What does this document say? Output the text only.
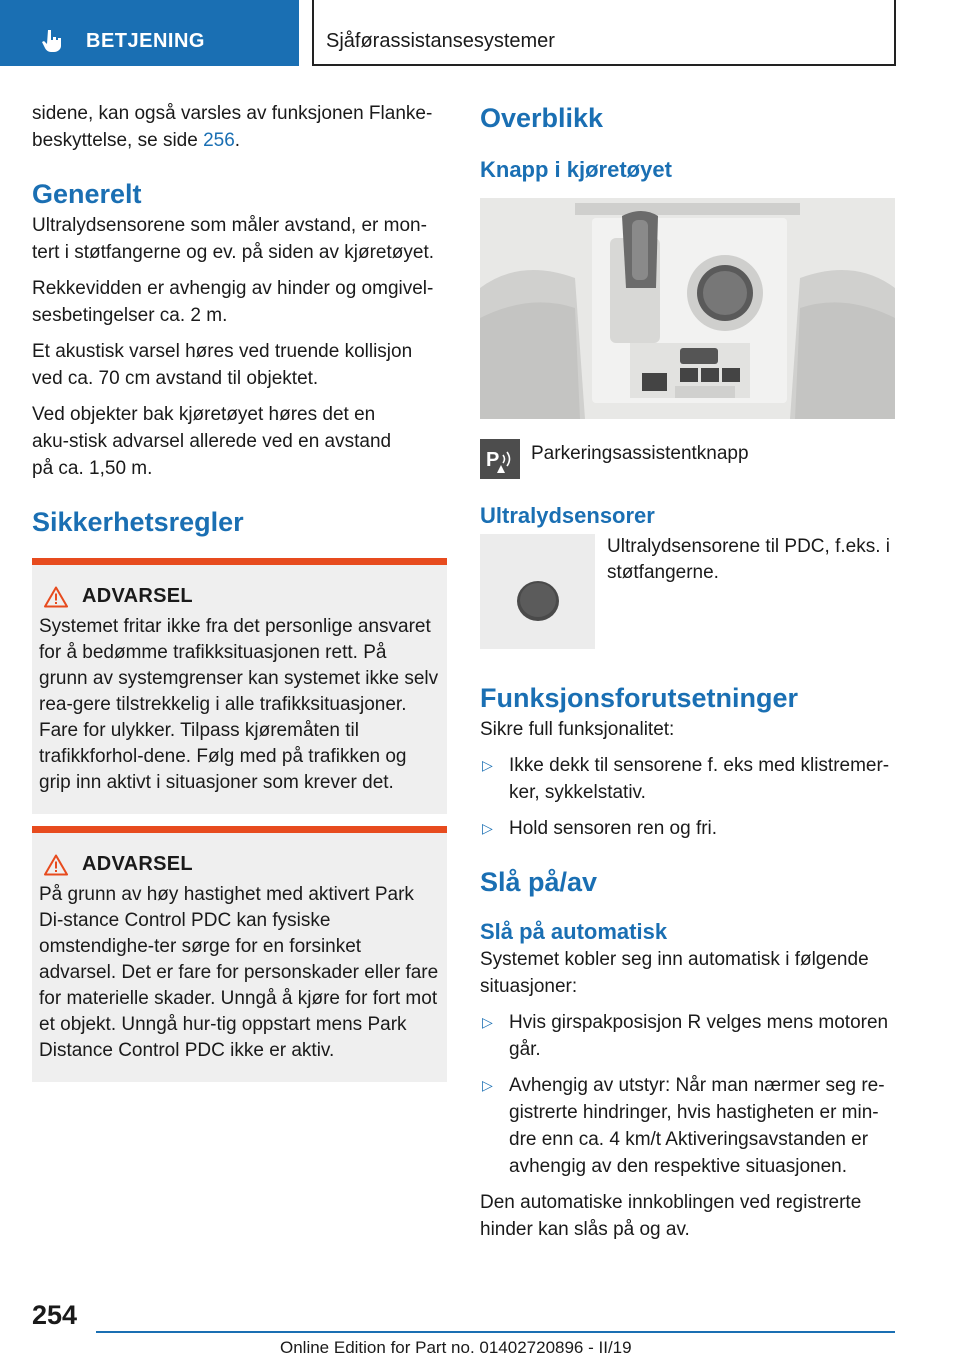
BETJENING	Sjåførassistansesystemer

sidene, kan også varsles av funksjonen Flanke-beskyttelse, se side 256.

Generelt

Ultralydsensorene som måler avstand, er mon-tert i støtfangerne og ev. på siden av kjøretøyet.

Rekkevidden er avhengig av hinder og omgivel-sesbetingelser ca. 2 m.

Et akustisk varsel høres ved truende kollisjon ved ca. 70 cm avstand til objektet.

Ved objekter bak kjøretøyet høres det en aku-stisk advarsel allerede ved en avstand på ca. 1,50 m.

Sikkerhetsregler
ADVARSEL

Systemet fritar ikke fra det personlige ansvaret for å bedømme trafikksituasjonen rett. På grunn av systemgrenser kan systemet ikke selv rea-gere tilstrekkelig i alle trafikksituasjoner. Fare for ulykker. Tilpass kjøremåten til trafikkforhol-dene. Følg med på trafikken og grip inn aktivt i situasjoner som krever det.

ADVARSEL

På grunn av høy hastighet med aktivert Park Di-stance Control PDC kan fysiske omstendighe-ter sørge for en forsinket advarsel. Det er fare for personskader eller fare for materielle skader. Unngå å kjøre for fort mot et objekt. Unngå hur-tig oppstart mens Park Distance Control PDC ikke er aktiv.

Overblikk
Knapp i kjøretøyet
P Parkeringsassistentknapp
Ultralydsensorer

Ultralydsensorene til PDC, f.eks. i støtfangerne.

Funksjonsforutsetninger

Sikre full funksjonalitet:

▷ Ikke dekk til sensorene f. eks med klistremer-ker, sykkelstativ.
▷ Hold sensoren ren og fri.
Slå på/av
Slå på automatisk

Systemet kobler seg inn automatisk i følgende situasjoner:

▷ Hvis girspakposisjon R velges mens motoren går.
▷ Avhengig av utstyr: Når man nærmer seg re-gistrerte hindringer, hvis hastigheten er min-dre enn ca. 4 km/t Aktiveringsavstanden er avhengig av den respektive situasjonen.

Den automatiske innkoblingen ved registrerte hinder kan slås på og av.

254
Online Edition for Part no. 01402720896 - II/19
